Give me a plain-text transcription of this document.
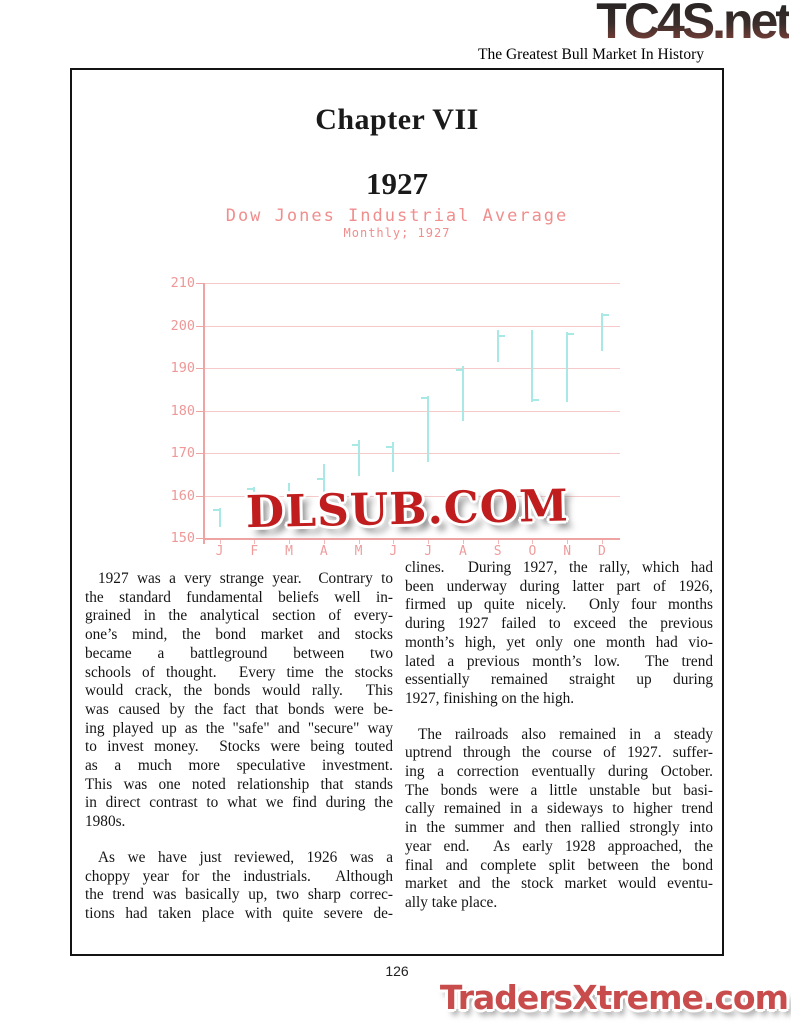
TC4S.net
The Greatest Bull Market In History
Chapter VII
1927
Dow Jones Industrial Average
Monthly; 1927
150
160
170
180
190
200
210
J	F	M	A	M	J	J	A	S	O	N	D
DLSUB.COM
1927 was a very strange year.  Contrary to
the standard fundamental beliefs well in-
grained in the analytical section of every-
one’s mind, the bond market and stocks
became a battleground between two
schools of thought.  Every time the stocks
would crack, the bonds would rally.  This
was caused by the fact that bonds were be-
ing played up as the "safe" and "secure" way
to invest money.  Stocks were being touted
as a much more speculative investment.
This was one noted relationship that stands
in direct contrast to what we find during the
1980s.
As we have just reviewed, 1926 was a
choppy year for the industrials.  Although
the trend was basically up, two sharp correc-
tions had taken place with quite severe de-
clines.  During 1927, the rally, which had
been underway during latter part of 1926,
firmed up quite nicely.  Only four months
during 1927 failed to exceed the previous
month’s high, yet only one month had vio-
lated a previous month’s low.  The trend
essentially remained straight up during
1927, finishing on the high.
The railroads also remained in a steady
uptrend through the course of 1927. suffer-
ing a correction eventually during October.
The bonds were a little unstable but basi-
cally remained in a sideways to higher trend
in the summer and then rallied strongly into
year end.  As early 1928 approached, the
final and complete split between the bond
market and the stock market would eventu-
ally take place.
126
TradersXtreme.com
